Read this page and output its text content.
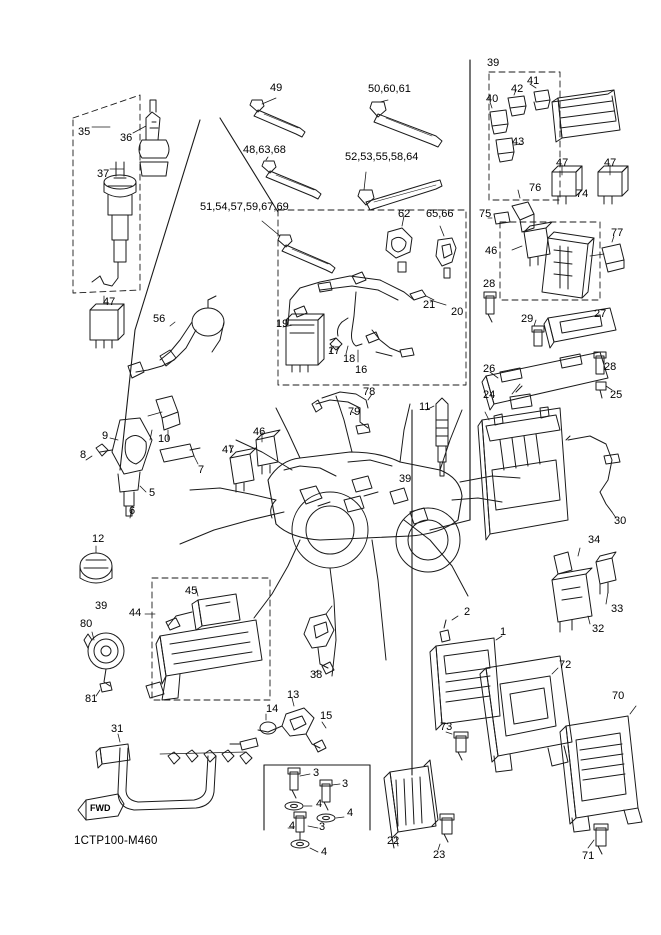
35	36
37
47
49
48,63,68
51,54,57,59,67,69
50,60,61
52,53,55,58,64
62 65,66
39
41
42
40
43
47	47
76	74
75
77
46
28
27
29
26	28
24	25
19
21
20
17
18
16
56
9	10
8
7
5
6
47
46
78
79	11
39
30
34
33
32
72
12
39
44
45
80
81
31
38
13
14
15
2
1
70
73
3
3
4
4
4 3
4
22
23	71
FWD
1CTP100-M460
